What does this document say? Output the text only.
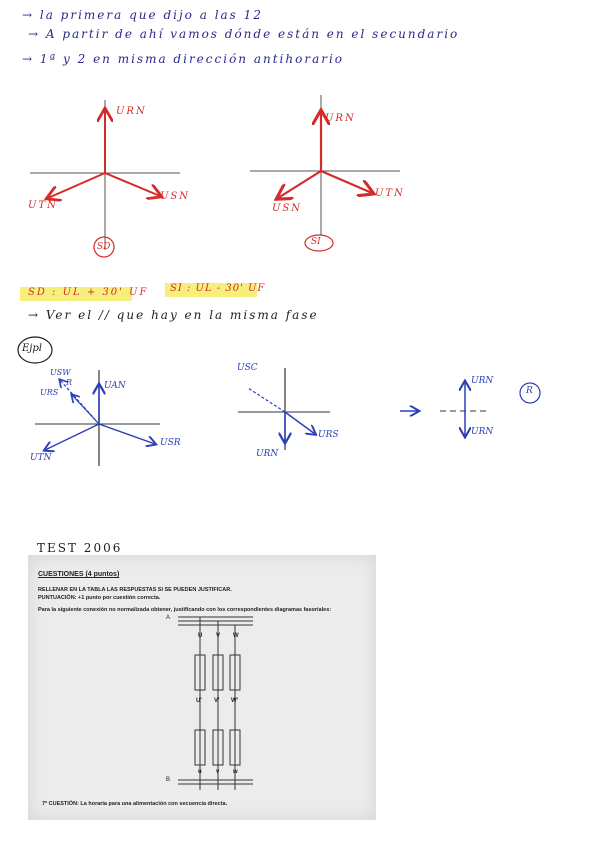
→ la primera que dijo a las 12
→ A partir de ahí vamos dónde están en el secundario
→ 1ª y 2 en misma dirección antihorario
URN
UTN
USN
SD
URN
USN
UTN
SI
SD : UL + 30' UF SI : UL - 30' UF
→ Ver el // que hay en la misma fase
Ejpl
USW
R
URS
UAN
USR
UTN
USC
URS
URN
URN
URN
R
TEST 2006
CUESTIONES (4 puntos)
RELLENAR EN LA TABLA LAS RESPUESTAS SI SE PUEDEN JUSTIFICAR.
PUNTUACIÓN: +1 punto por cuestión correcta.
Para la siguiente conexión no normalizada obtener, justificando con los correspondientes diagramas fasoriales:
A
U V W
U' V' W'
u v w
B
7ª CUESTIÓN: La horaria para una alimentación con secuencia directa.
